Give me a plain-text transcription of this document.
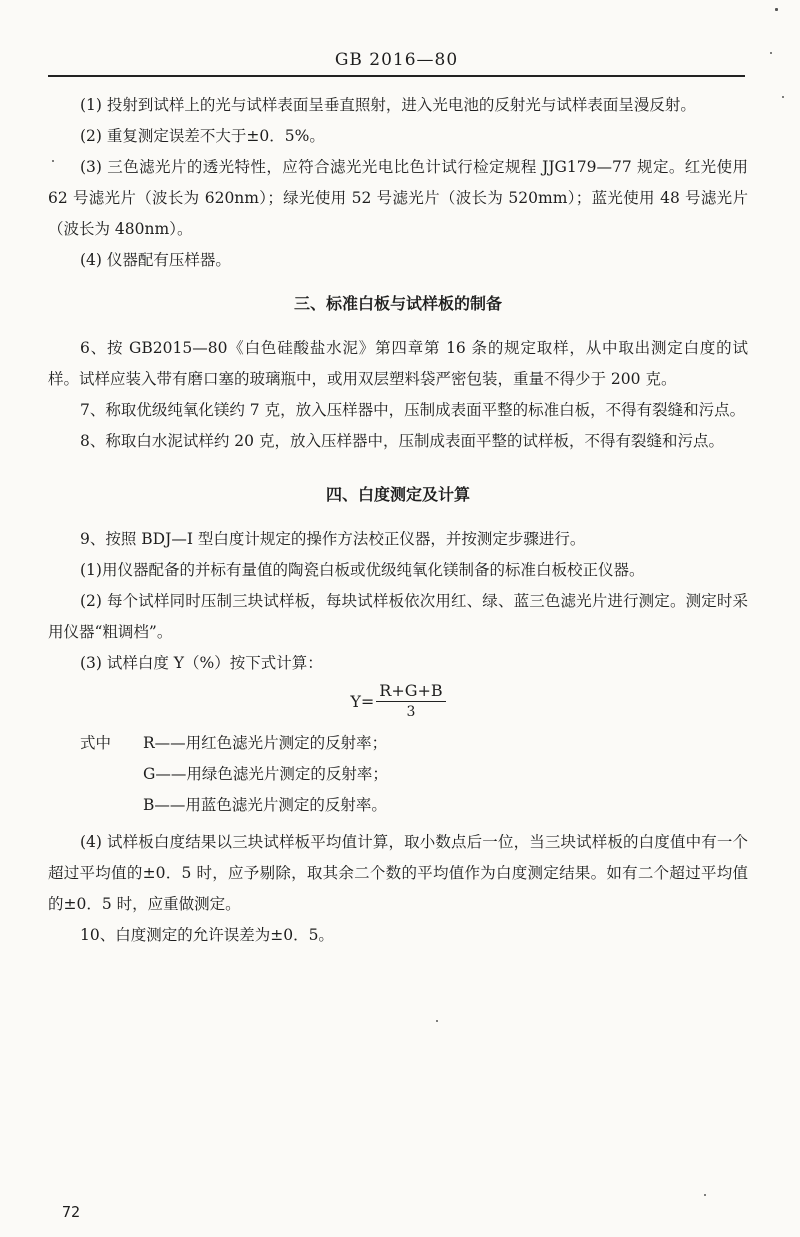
GB 2016—80

(1) 投射到试样上的光与试样表面呈垂直照射，进入光电池的反射光与试样表面呈漫反射。

(2) 重复测定误差不大于±0．5%。

(3) 三色滤光片的透光特性，应符合滤光光电比色计试行检定规程 JJG179—77 规定。红光使用 62 号滤光片（波长为 620nm）；绿光使用 52 号滤光片（波长为 520mm）；蓝光使用 48 号滤光片（波长为 480nm）。

(4) 仪器配有压样器。

三、标准白板与试样板的制备

6、按 GB2015—80《白色硅酸盐水泥》第四章第 16 条的规定取样，从中取出测定白度的试样。试样应装入带有磨口塞的玻璃瓶中，或用双层塑料袋严密包装，重量不得少于 200 克。

7、称取优级纯氧化镁约 7 克，放入压样器中，压制成表面平整的标准白板，不得有裂缝和污点。

8、称取白水泥试样约 20 克，放入压样器中，压制成表面平整的试样板，不得有裂缝和污点。

四、白度测定及计算

9、按照 BDJ—I 型白度计规定的操作方法校正仪器，并按测定步骤进行。

(1)用仪器配备的并标有量值的陶瓷白板或优级纯氧化镁制备的标准白板校正仪器。

(2) 每个试样同时压制三块试样板，每块试样板依次用红、绿、蓝三色滤光片进行测定。测定时采用仪器“粗调档”。

(3) 试样白度 Y（%）按下式计算：

$Y= \frac{R+G+B}{3}$
式中	R——用红色滤光片测定的反射率；
G——用绿色滤光片测定的反射率；
B——用蓝色滤光片测定的反射率。

(4) 试样板白度结果以三块试样板平均值计算，取小数点后一位，当三块试样板的白度值中有一个超过平均值的±0．5 时，应予剔除，取其余二个数的平均值作为白度测定结果。如有二个超过平均值的±0．5 时，应重做测定。

10、白度测定的允许误差为±0．5。

72
